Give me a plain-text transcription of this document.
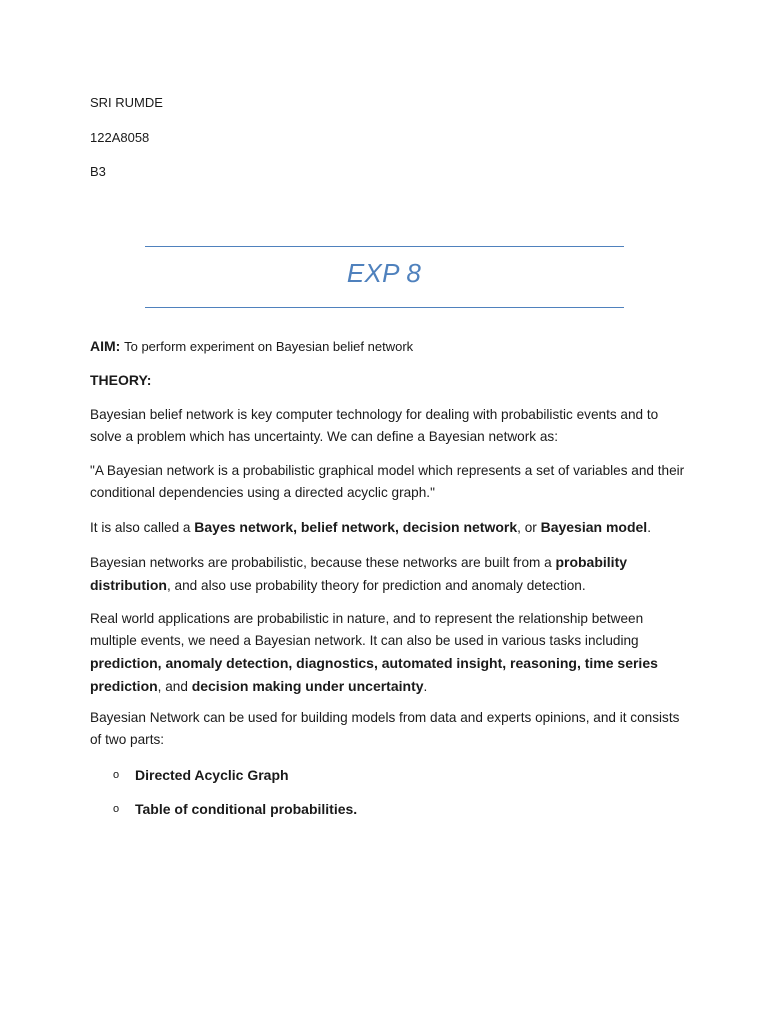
SRI RUMDE
122A8058
B3
EXP 8
AIM: To perform experiment on Bayesian belief network
THEORY:
Bayesian belief network is key computer technology for dealing with probabilistic events and to solve a problem which has uncertainty. We can define a Bayesian network as:
"A Bayesian network is a probabilistic graphical model which represents a set of variables and their conditional dependencies using a directed acyclic graph."
It is also called a Bayes network, belief network, decision network, or Bayesian model.
Bayesian networks are probabilistic, because these networks are built from a probability distribution, and also use probability theory for prediction and anomaly detection.
Real world applications are probabilistic in nature, and to represent the relationship between multiple events, we need a Bayesian network. It can also be used in various tasks including prediction, anomaly detection, diagnostics, automated insight, reasoning, time series prediction, and decision making under uncertainty.
Bayesian Network can be used for building models from data and experts opinions, and it consists of two parts:
o Directed Acyclic Graph
o Table of conditional probabilities.
